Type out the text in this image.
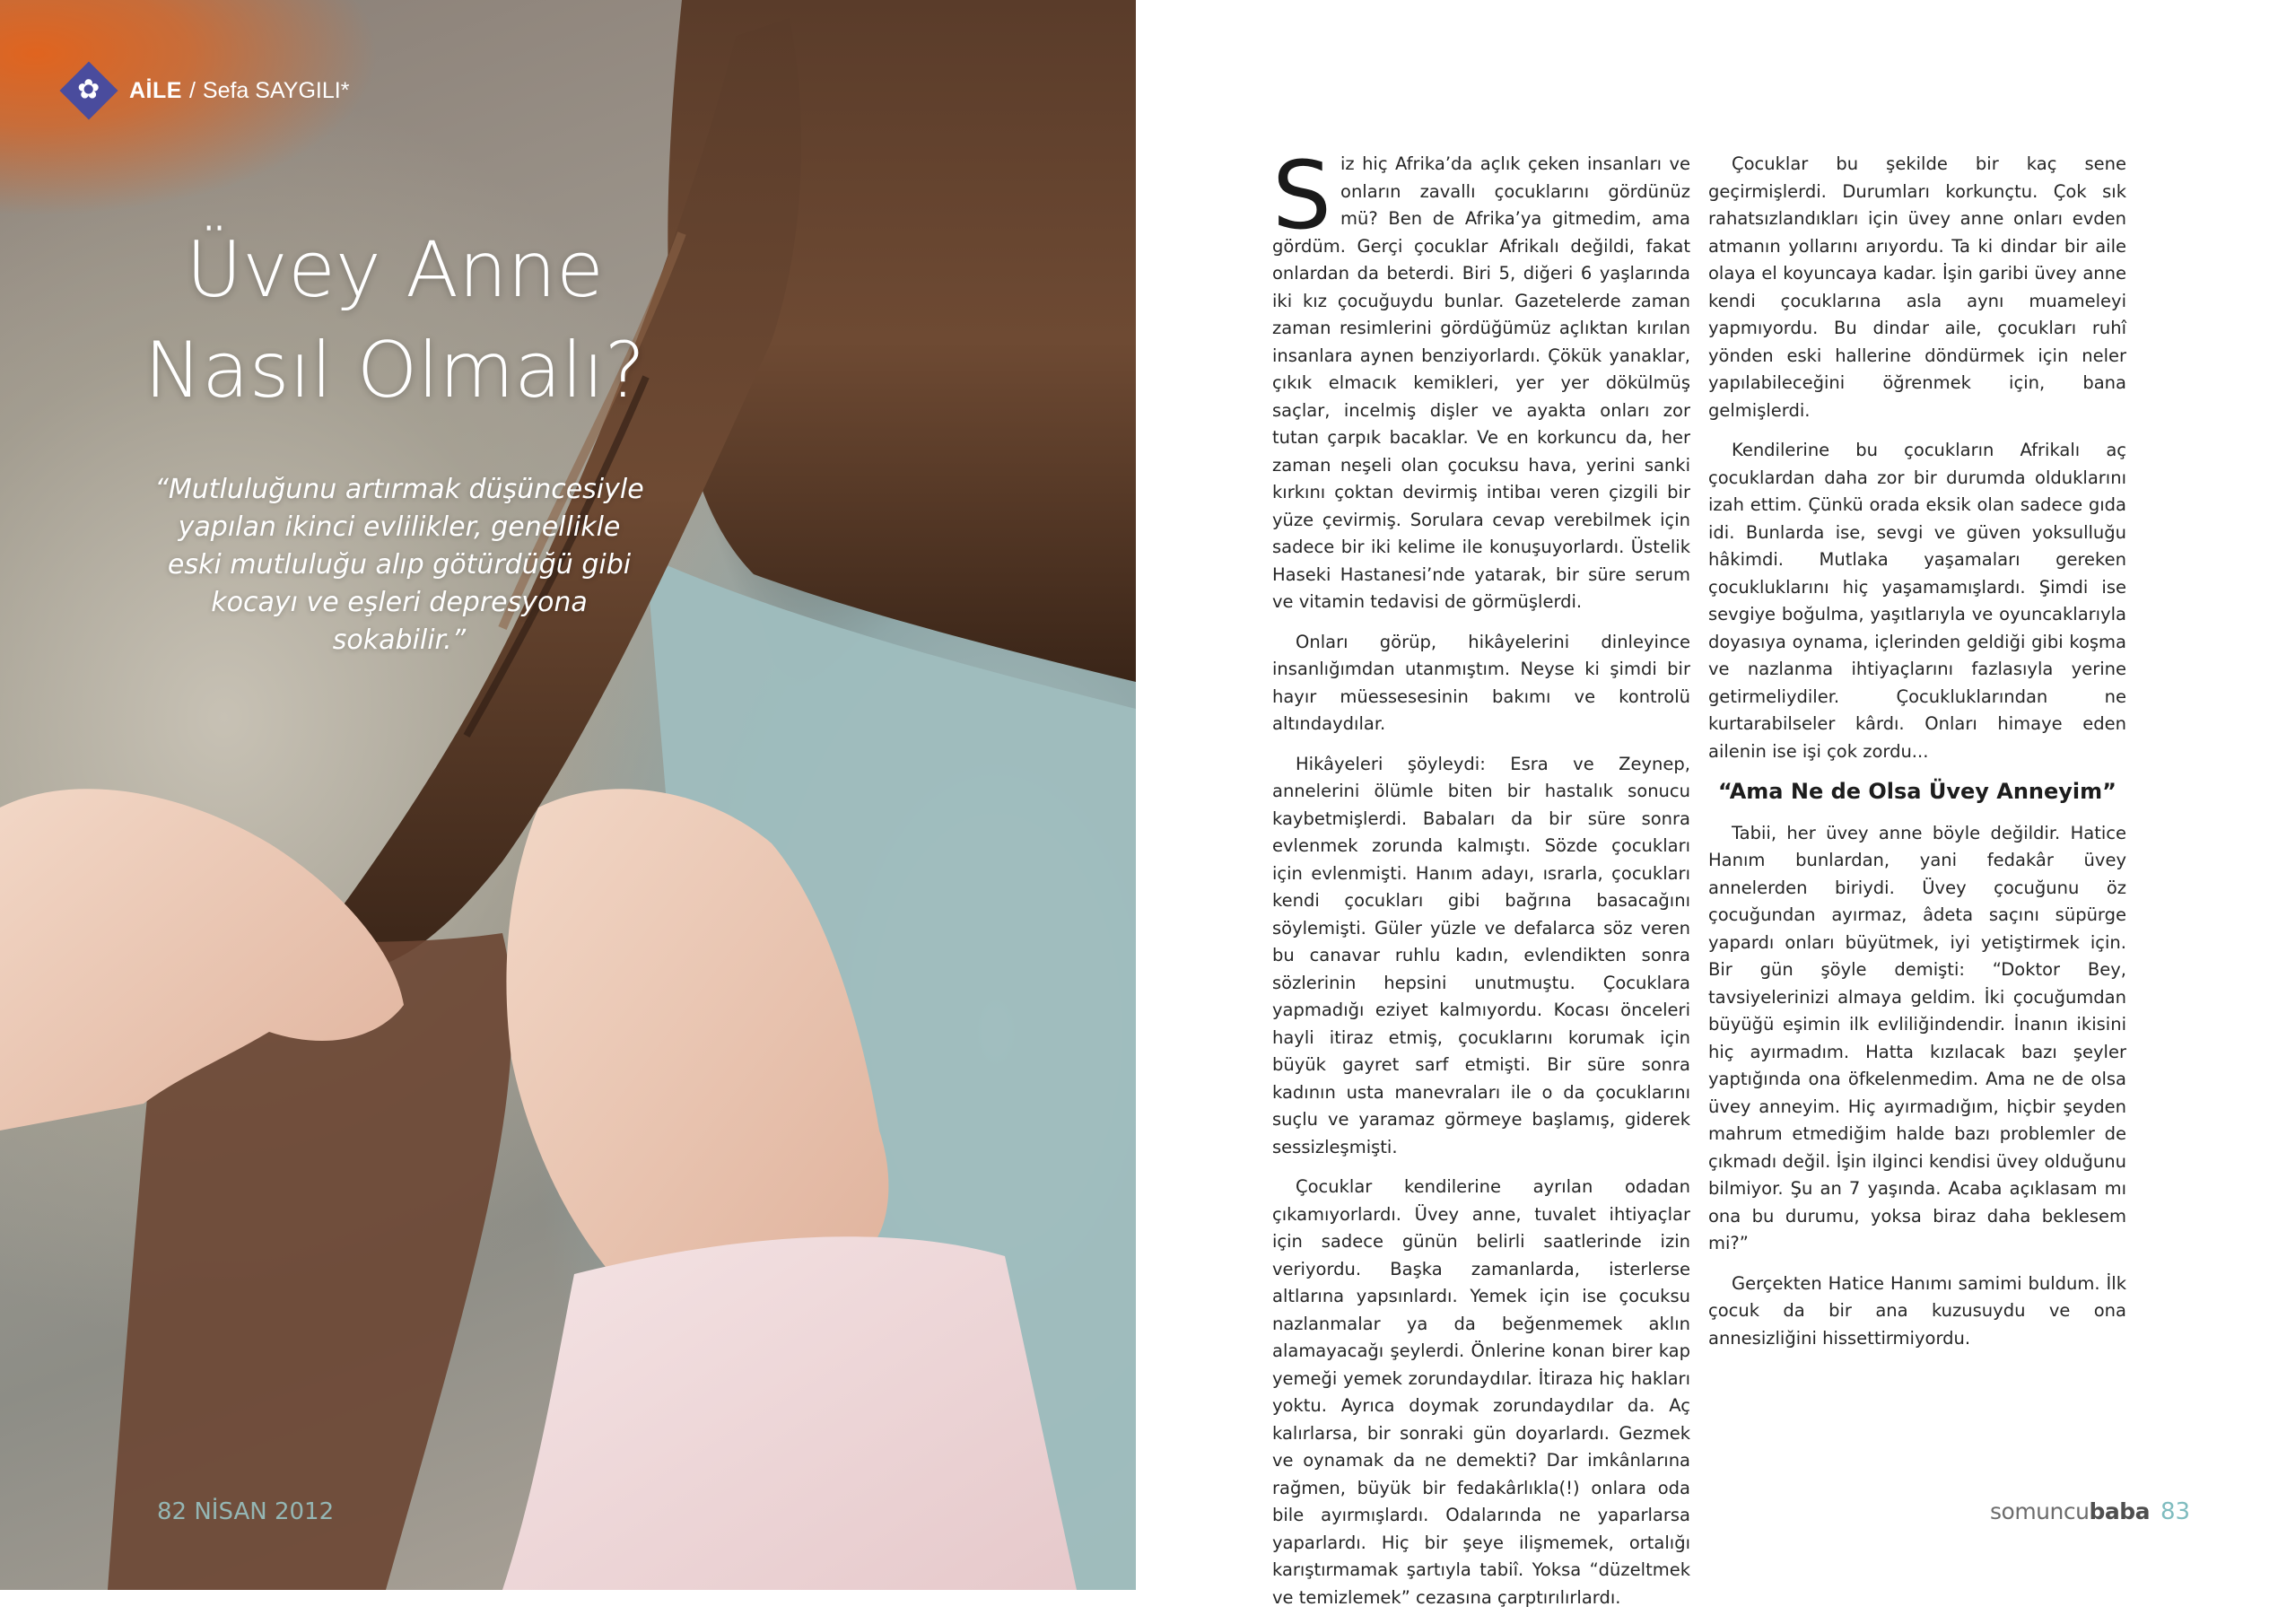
✿ AİLE / Sefa SAYGILI*
Üvey Anne
Nasıl Olmalı?
“Mutluluğunu artırmak düşüncesiyle yapılan ikinci evlilikler, genellikle eski mutluluğu alıp götürdüğü gibi kocayı ve eşleri depresyona sokabilir.”
82 NİSAN 2012

Siz hiç Afrika’da açlık çeken insanları ve onların zavallı çocuklarını gördünüz mü? Ben de Afrika’ya gitmedim, ama gördüm. Gerçi çocuklar Afrikalı değildi, fakat onlardan da beterdi. Biri 5, diğeri 6 yaşlarında iki kız çocuğuydu bunlar. Gazetelerde zaman zaman resimlerini gördüğümüz açlıktan kırılan insanlara aynen benziyorlardı. Çökük yanaklar, çıkık elmacık kemikleri, yer yer dökülmüş saçlar, incelmiş dişler ve ayakta onları zor tutan çarpık bacaklar. Ve en korkuncu da, her zaman neşeli olan çocuksu hava, yerini sanki kırkını çoktan devirmiş intibaı veren çizgili bir yüze çevirmiş. Sorulara cevap verebilmek için sadece bir iki kelime ile konuşuyorlardı. Üstelik Haseki Hastanesi’nde yatarak, bir süre serum ve vitamin tedavisi de görmüşlerdi.

Onları görüp, hikâyelerini dinleyince insanlığımdan utanmıştım. Neyse ki şimdi bir hayır müessesesinin bakımı ve kontrolü altındaydılar.

Hikâyeleri şöyleydi: Esra ve Zeynep, annelerini ölümle biten bir hastalık sonucu kaybetmişlerdi. Babaları da bir süre sonra evlenmek zorunda kalmıştı. Sözde çocukları için evlenmişti. Hanım adayı, ısrarla, çocukları kendi çocukları gibi bağrına basacağını söylemişti. Güler yüzle ve defalarca söz veren bu canavar ruhlu kadın, evlendikten sonra sözlerinin hepsini unutmuştu. Çocuklara yapmadığı eziyet kalmıyordu. Kocası önceleri hayli itiraz etmiş, çocuklarını korumak için büyük gayret sarf etmişti. Bir süre sonra kadının usta manevraları ile o da çocuklarını suçlu ve yaramaz görmeye başlamış, giderek sessizleşmişti.

Çocuklar kendilerine ayrılan odadan çıkamıyorlardı. Üvey anne, tuvalet ihtiyaçlar için sadece günün belirli saatlerinde izin veriyordu. Başka zamanlarda, isterlerse altlarına yapsınlardı. Yemek için ise çocuksu nazlanmalar ya da beğenmemek aklın alamayacağı şeylerdi. Önlerine konan birer kap yemeği yemek zorundaydılar. İtiraza hiç hakları yoktu. Ayrıca doymak zorundaydılar da. Aç kalırlarsa, bir sonraki gün doyarlardı. Gezmek ve oynamak da ne demekti? Dar imkânlarına rağmen, büyük bir fedakârlıkla(!) onlara oda bile ayırmışlardı. Odalarında ne yaparlarsa yaparlardı. Hiç bir şeye ilişmemek, ortalığı karıştırmamak şartıyla tabiî. Yoksa “düzeltmek ve temizlemek” cezasına çarptırılırlardı.

Çocuklar bu şekilde bir kaç sene geçirmişlerdi. Durumları korkunçtu. Çok sık rahatsızlandıkları için üvey anne onları evden atmanın yollarını arıyordu. Ta ki dindar bir aile olaya el koyuncaya kadar. İşin garibi üvey anne kendi çocuklarına asla aynı muameleyi yapmıyordu. Bu dindar aile, çocukları ruhî yönden eski hallerine döndürmek için neler yapılabileceğini öğrenmek için, bana gelmişlerdi.

Kendilerine bu çocukların Afrikalı aç çocuklardan daha zor bir durumda olduklarını izah ettim. Çünkü orada eksik olan sadece gıda idi. Bunlarda ise, sevgi ve güven yoksulluğu hâkimdi. Mutlaka yaşamaları gereken çocukluklarını hiç yaşamamışlardı. Şimdi ise sevgiye boğulma, yaşıtlarıyla ve oyuncaklarıyla doyasıya oynama, içlerinden geldiği gibi koşma ve nazlanma ihtiyaçlarını fazlasıyla yerine getirmeliydiler. Çocukluklarından ne kurtarabilseler kârdı. Onları himaye eden ailenin ise işi çok zordu...

“Ama Ne de Olsa Üvey Anneyim”

Tabii, her üvey anne böyle değildir. Hatice Hanım bunlardan, yani fedakâr üvey annelerden biriydi. Üvey çocuğunu öz çocuğundan ayırmaz, âdeta saçını süpürge yapardı onları büyütmek, iyi yetiştirmek için. Bir gün şöyle demişti: “Doktor Bey, tavsiyelerinizi almaya geldim. İki çocuğumdan büyüğü eşimin ilk evliliğindendir. İnanın ikisini hiç ayırmadım. Hatta kızılacak bazı şeyler yaptığında ona öfkelenmedim. Ama ne de olsa üvey anneyim. Hiç ayırmadığım, hiçbir şeyden mahrum etmediğim halde bazı problemler de çıkmadı değil. İşin ilginci kendisi üvey olduğunu bilmiyor. Şu an 7 yaşında. Acaba açıklasam mı ona bu durumu, yoksa biraz daha beklesem mi?”

Gerçekten Hatice Hanımı samimi buldum. İlk çocuk da bir ana kuzusuydu ve ona annesizliğini hissettirmiyordu.

somuncubaba 83
